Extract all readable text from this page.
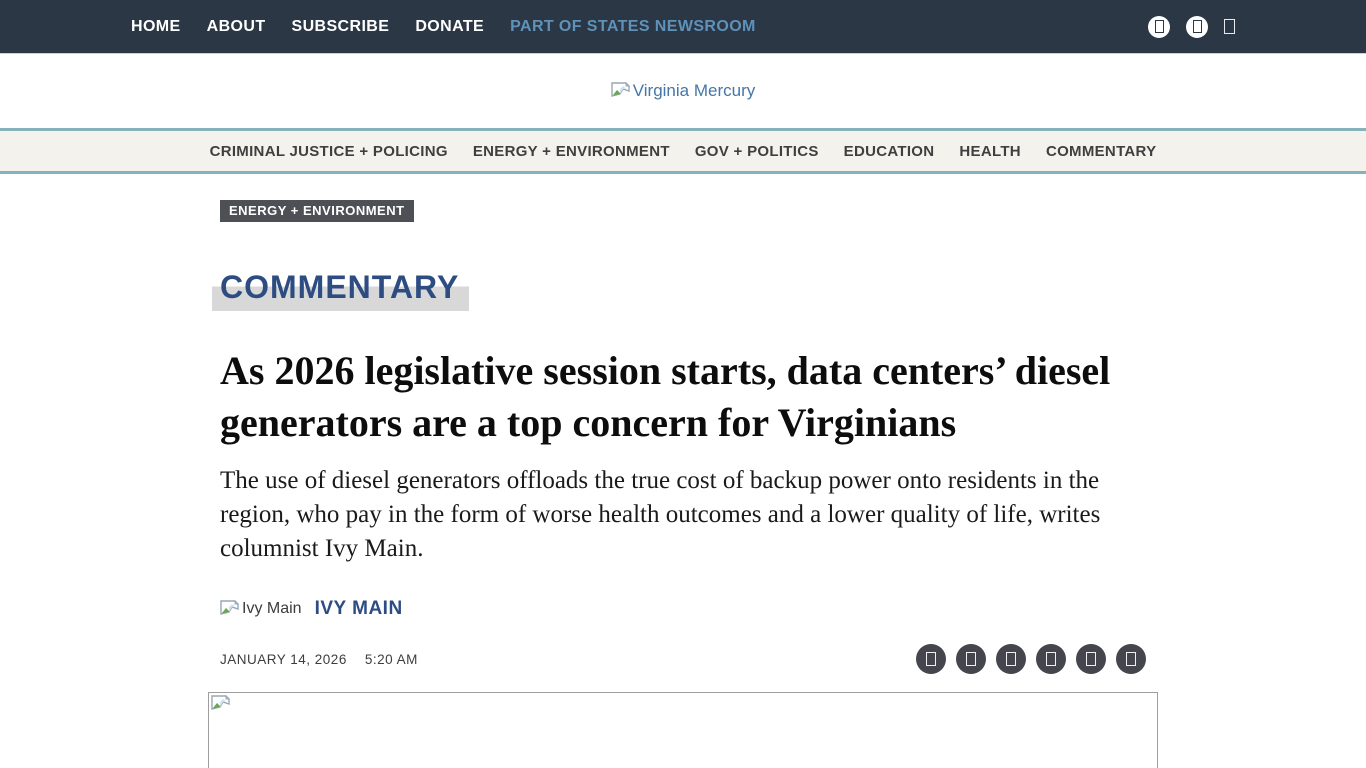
HOME ABOUT SUBSCRIBE DONATE PART OF STATES NEWSROOM
Virginia Mercury
CRIMINAL JUSTICE + POLICING ENERGY + ENVIRONMENT GOV + POLITICS EDUCATION HEALTH COMMENTARY
ENERGY + ENVIRONMENT
COMMENTARY
As 2026 legislative session starts, data centers’ diesel generators are a top concern for Virginians

The use of diesel generators offloads the true cost of backup power onto residents in the region, who pay in the form of worse health outcomes and a lower quality of life, writes columnist Ivy Main.

Ivy Main IVY MAIN
JANUARY 14, 2026 5:20 AM
